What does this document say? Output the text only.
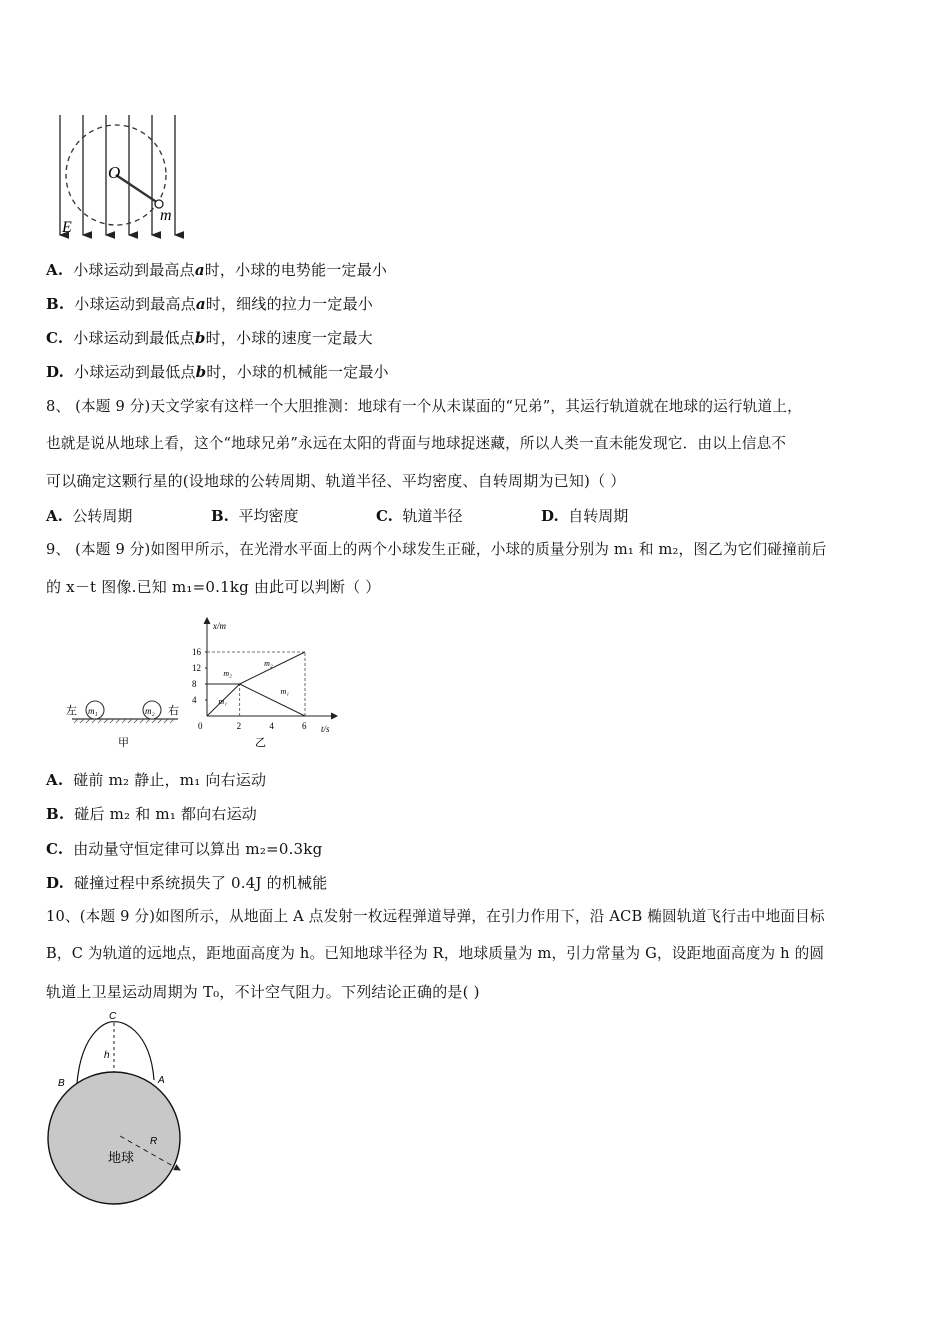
O
E
m
A. 小球运动到最高点a时，小球的电势能一定最小
B. 小球运动到最高点a时，细线的拉力一定最小
C. 小球运动到最低点b时，小球的速度一定最大
D. 小球运动到最低点b时，小球的机械能一定最小
8、 (本题 9 分)天文学家有这样一个大胆推测：地球有一个从未谋面的“兄弟”，其运行轨道就在地球的运行轨道上，
也就是说从地球上看，这个“地球兄弟”永远在太阳的背面与地球捉迷藏，所以人类一直未能发现它．由以上信息不
可以确定这颗行星的(设地球的公转周期、轨道半径、平均密度、自转周期为已知)（ ）
A. 公转周期	B. 平均密度	C. 轨道半径	D. 自转周期
9、 (本题 9 分)如图甲所示，在光滑水平面上的两个小球发生正碰，小球的质量分别为 m₁ 和 m₂，图乙为它们碰撞前后
的 x－t 图像.已知 m₁=0.1kg 由此可以判断（ ）
m₁	m₂
左	右
甲
4
8
12
16
0	2	4	6
m₁
m₁
m₂
m₂
x/m
t/s
乙
A. 碰前 m₂ 静止，m₁ 向右运动
B. 碰后 m₂ 和 m₁ 都向右运动
C. 由动量守恒定律可以算出 m₂=0.3kg
D. 碰撞过程中系统损失了 0.4J 的机械能
10、(本题 9 分)如图所示，从地面上 A 点发射一枚远程弹道导弹，在引力作用下，沿 ACB 椭圆轨道飞行击中地面目标
B，C 为轨道的远地点，距地面高度为 h。已知地球半径为 R，地球质量为 m，引力常量为 G，设距地面高度为 h 的圆
轨道上卫星运动周期为 T₀，不计空气阻力。下列结论正确的是( )
C
B	A
h
R
地球
